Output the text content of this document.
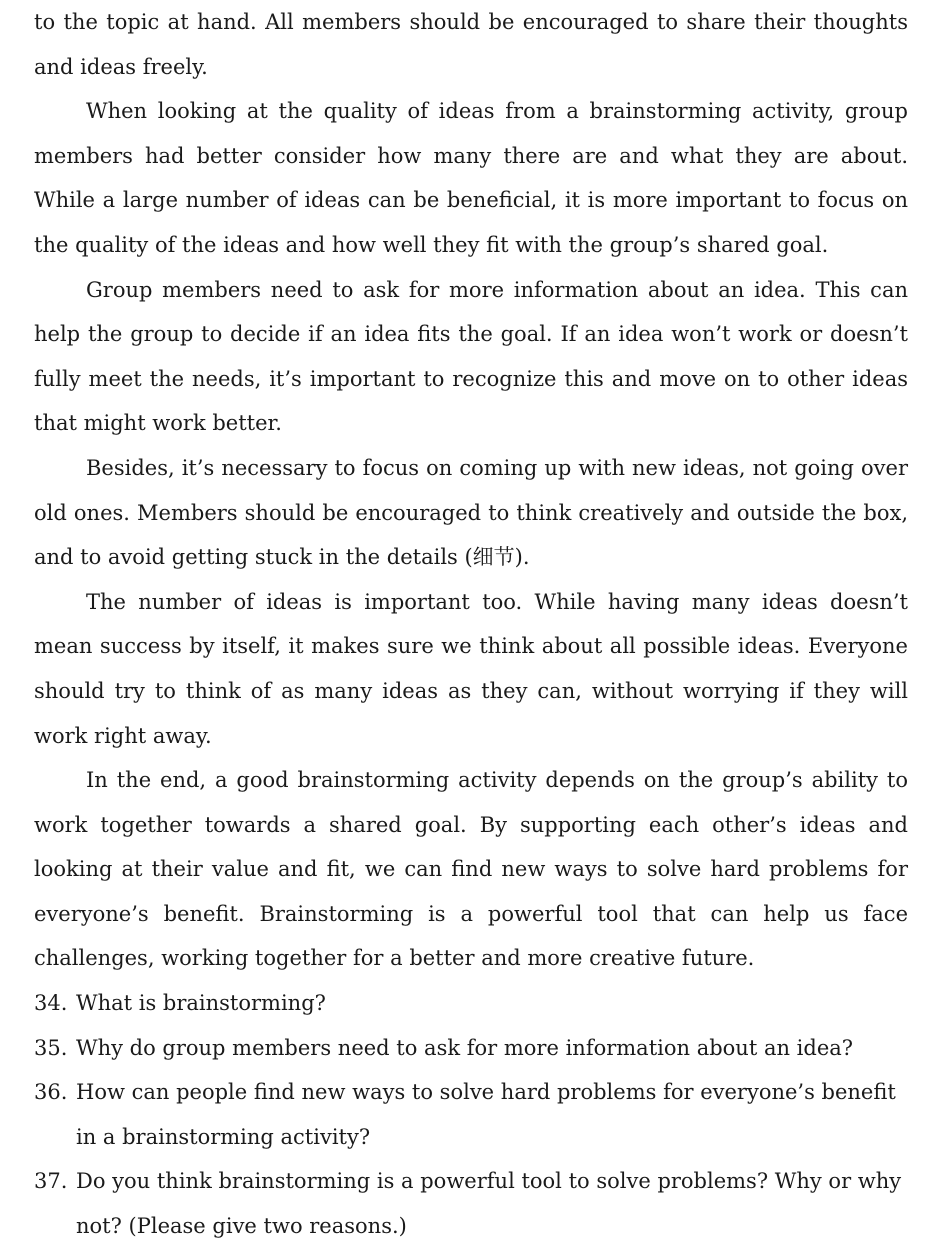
to the topic at hand. All members should be encouraged to share their thoughts and ideas freely.

When looking at the quality of ideas from a brainstorming activity, group members had better consider how many there are and what they are about. While a large number of ideas can be beneficial, it is more important to focus on the quality of the ideas and how well they fit with the group’s shared goal.

Group members need to ask for more information about an idea. This can help the group to decide if an idea fits the goal. If an idea won’t work or doesn’t fully meet the needs, it’s important to recognize this and move on to other ideas that might work better.

Besides, it’s necessary to focus on coming up with new ideas, not going over old ones. Members should be encouraged to think creatively and outside the box, and to avoid getting stuck in the details (细节).

The number of ideas is important too. While having many ideas doesn’t mean success by itself, it makes sure we think about all possible ideas. Everyone should try to think of as many ideas as they can, without worrying if they will work right away.

In the end, a good brainstorming activity depends on the group’s ability to work together towards a shared goal. By supporting each other’s ideas and looking at their value and fit, we can find new ways to solve hard problems for everyone’s benefit. Brainstorming is a powerful tool that can help us face challenges, working together for a better and more creative future.

34. What is brainstorming?
35. Why do group members need to ask for more information about an idea?
36. How can people find new ways to solve hard problems for everyone’s benefit in a brainstorming activity?
37. Do you think brainstorming is a powerful tool to solve problems? Why or why not? (Please give two reasons.)
